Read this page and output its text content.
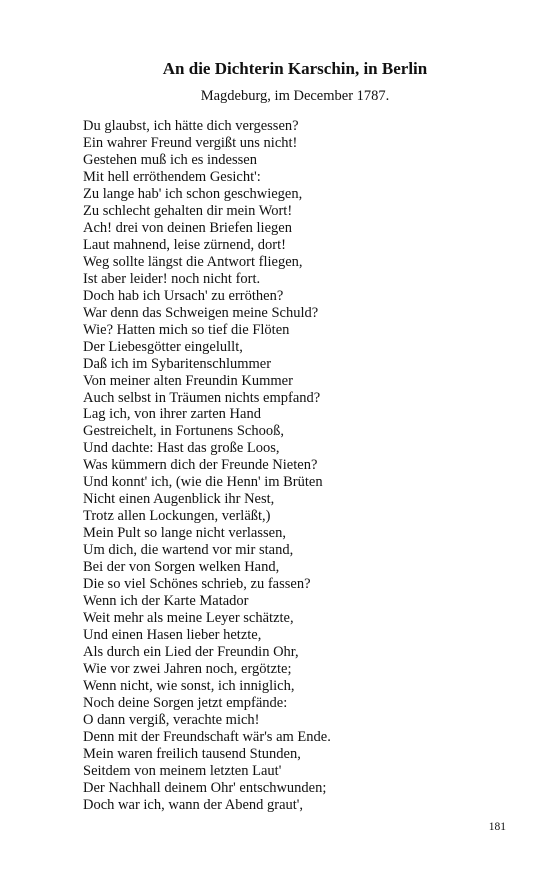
An die Dichterin Karschin, in Berlin
Magdeburg, im December 1787.
Du glaubst, ich hätte dich vergessen?
Ein wahrer Freund vergißt uns nicht!
Gestehen muß ich es indessen
Mit hell erröthendem Gesicht':
Zu lange hab' ich schon geschwiegen,
Zu schlecht gehalten dir mein Wort!
Ach! drei von deinen Briefen liegen
Laut mahnend, leise zürnend, dort!
Weg sollte längst die Antwort fliegen,
Ist aber leider! noch nicht fort.
Doch hab ich Ursach' zu erröthen?
War denn das Schweigen meine Schuld?
Wie? Hatten mich so tief die Flöten
Der Liebesgötter eingelullt,
Daß ich im Sybaritenschlummer
Von meiner alten Freundin Kummer
Auch selbst in Träumen nichts empfand?
Lag ich, von ihrer zarten Hand
Gestreichelt, in Fortunens Schooß,
Und dachte: Hast das große Loos,
Was kümmern dich der Freunde Nieten?
Und konnt' ich, (wie die Henn' im Brüten
Nicht einen Augenblick ihr Nest,
Trotz allen Lockungen, verläßt,)
Mein Pult so lange nicht verlassen,
Um dich, die wartend vor mir stand,
Bei der von Sorgen welken Hand,
Die so viel Schönes schrieb, zu fassen?
Wenn ich der Karte Matador
Weit mehr als meine Leyer schätzte,
Und einen Hasen lieber hetzte,
Als durch ein Lied der Freundin Ohr,
Wie vor zwei Jahren noch, ergötzte;
Wenn nicht, wie sonst, ich inniglich,
Noch deine Sorgen jetzt empfände:
O dann vergiß, verachte mich!
Denn mit der Freundschaft wär's am Ende.
Mein waren freilich tausend Stunden,
Seitdem von meinem letzten Laut'
Der Nachhall deinem Ohr' entschwunden;
Doch war ich, wann der Abend graut',
181
